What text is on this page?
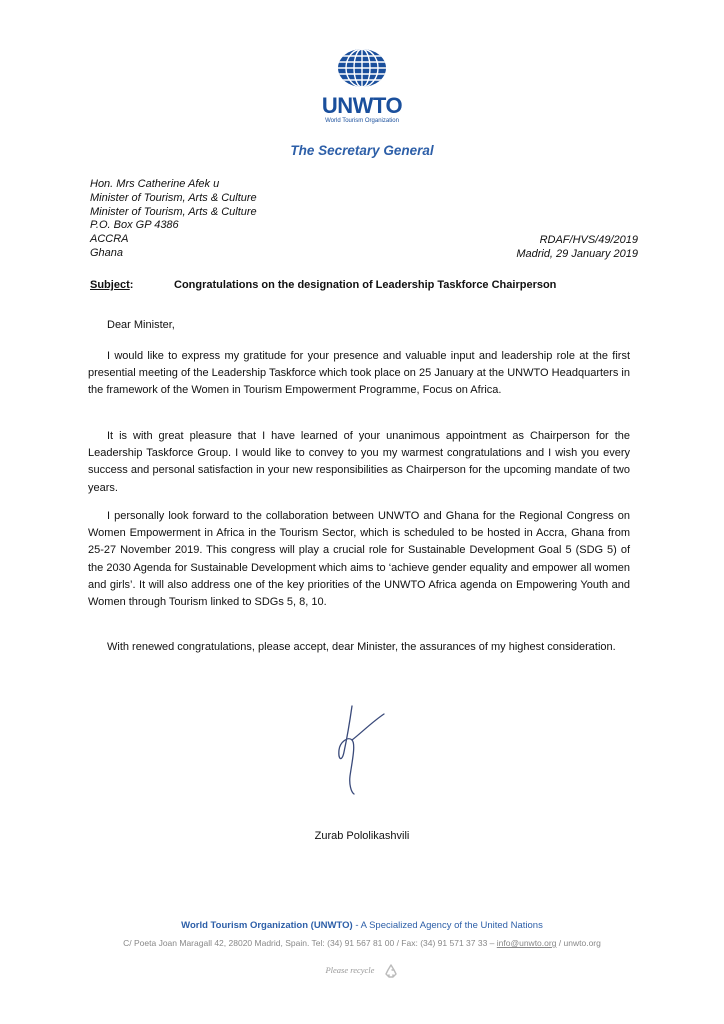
UNWTO
World Tourism Organization
The Secretary General
Hon. Mrs Catherine Afek u
Minister of Tourism, Arts & Culture
Minister of Tourism, Arts & Culture
P.O. Box GP 4386
ACCRA
Ghana
RDAF/HVS/49/2019
Madrid, 29 January 2019
Subject:	Congratulations on the designation of Leadership Taskforce Chairperson
Dear Minister,

I would like to express my gratitude for your presence and valuable input and leadership role at the first presential meeting of the Leadership Taskforce which took place on 25 January at the UNWTO Headquarters in the framework of the Women in Tourism Empowerment Programme, Focus on Africa.

It is with great pleasure that I have learned of your unanimous appointment as Chairperson for the Leadership Taskforce Group. I would like to convey to you my warmest congratulations and I wish you every success and personal satisfaction in your new responsibilities as Chairperson for the upcoming mandate of two years.

I personally look forward to the collaboration between UNWTO and Ghana for the Regional Congress on Women Empowerment in Africa in the Tourism Sector, which is scheduled to be hosted in Accra, Ghana from 25-27 November 2019. This congress will play a crucial role for Sustainable Development Goal 5 (SDG 5) of the 2030 Agenda for Sustainable Development which aims to ‘achieve gender equality and empower all women and girls’. It will also address one of the key priorities of the UNWTO Africa agenda on Empowering Youth and Women through Tourism linked to SDGs 5, 8, 10.

With renewed congratulations, please accept, dear Minister, the assurances of my highest consideration.

Zurab Pololikashvili
World Tourism Organization (UNWTO) - A Specialized Agency of the United Nations
C/ Poeta Joan Maragall 42, 28020 Madrid, Spain. Tel: (34) 91 567 81 00 / Fax: (34) 91 571 37 33 – info@unwto.org / unwto.org
Please recycle
